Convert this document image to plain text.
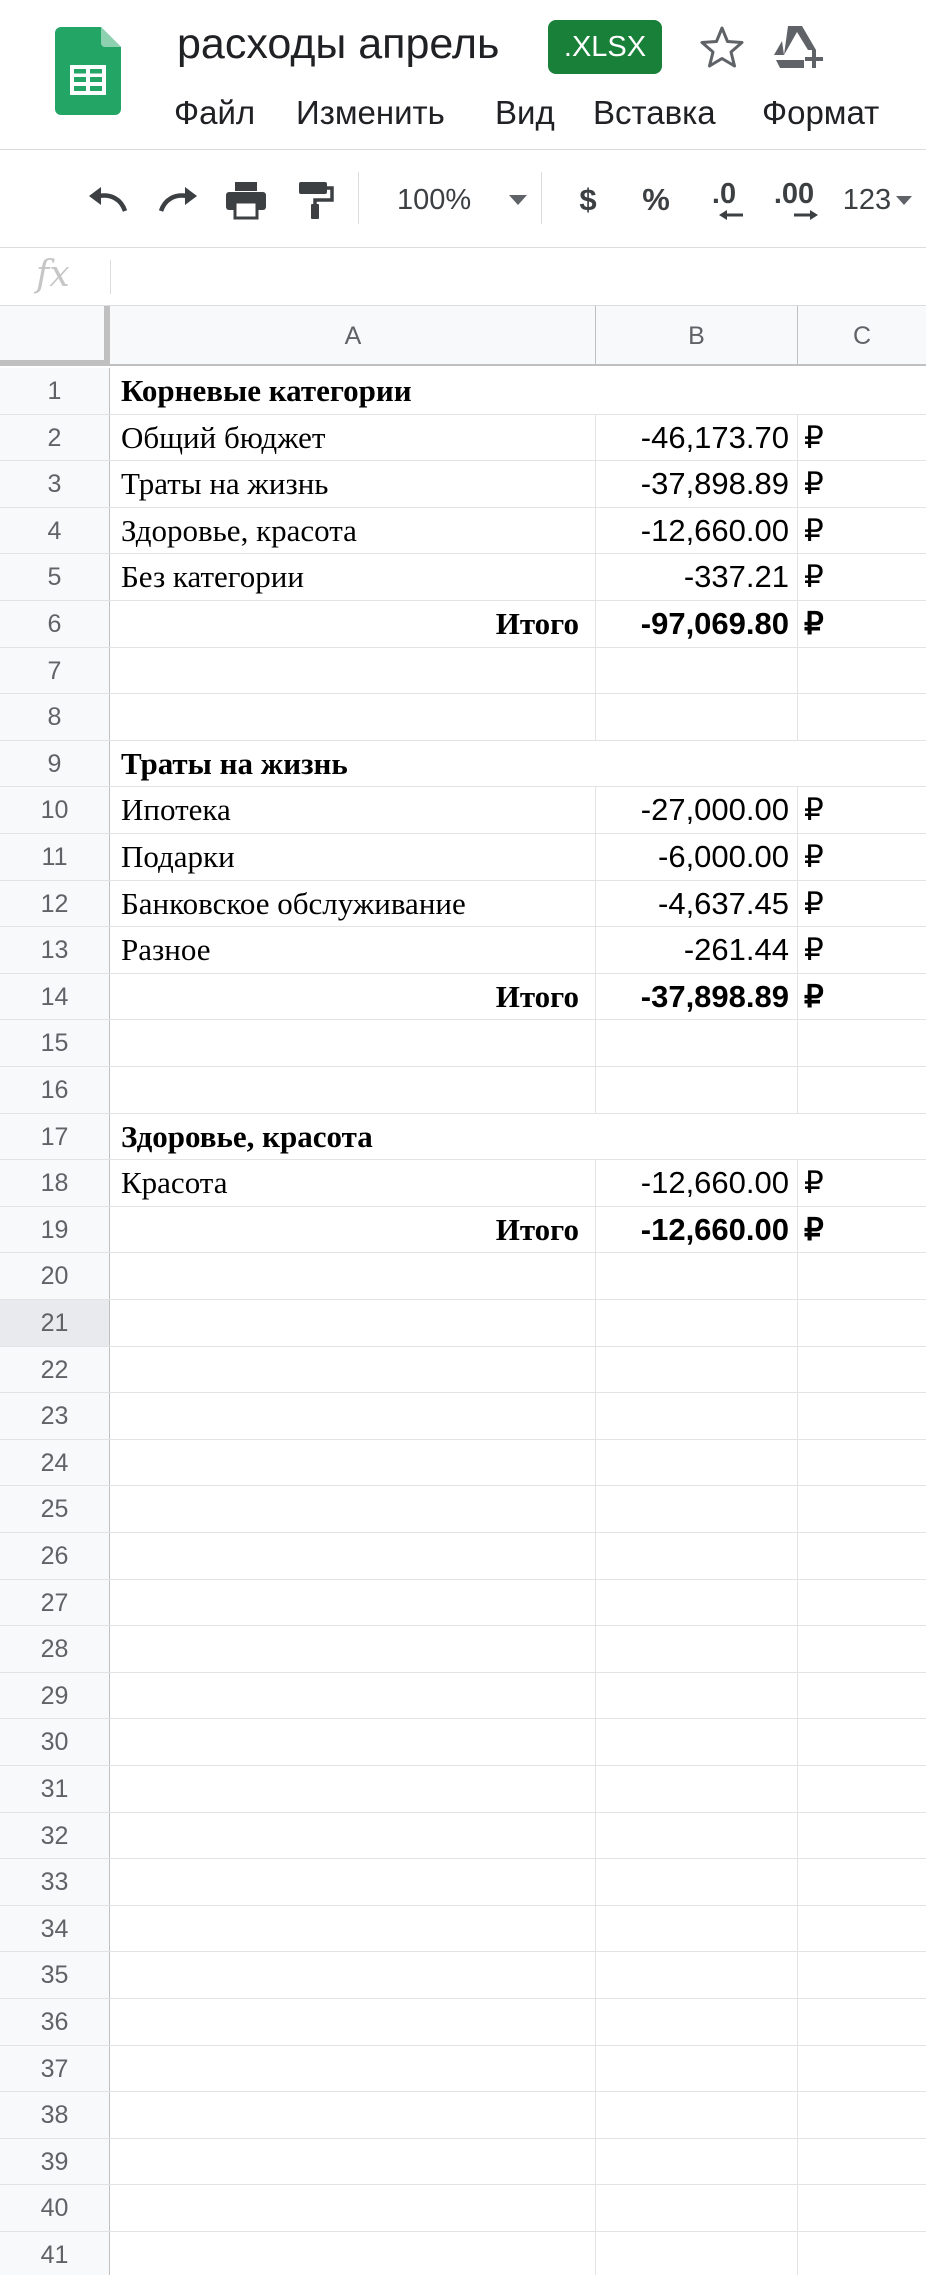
расходы апрель	.XLSX
Файл Изменить Вид Вставка Формат
100%	$ % .0 .00 123
fx
A	B	C
1	Корневые категории
2	Общий бюджет	-46,173.70 ₽
3	Траты на жизнь	-37,898.89 ₽
4	Здоровье, красота	-12,660.00 ₽
5	Без категории	-337.21 ₽
6	Итого	-97,069.80 ₽
7
8
9	Траты на жизнь
10	Ипотека	-27,000.00 ₽
11	Подарки	-6,000.00 ₽
12	Банковское обслуживание	-4,637.45 ₽
13	Разное	-261.44 ₽
14	Итого	-37,898.89 ₽
15
16
17	Здоровье, красота
18	Красота	-12,660.00 ₽
19	Итого	-12,660.00 ₽
20
21
22
23
24
25
26
27
28
29
30
31
32
33
34
35
36
37
38
39
40
41
